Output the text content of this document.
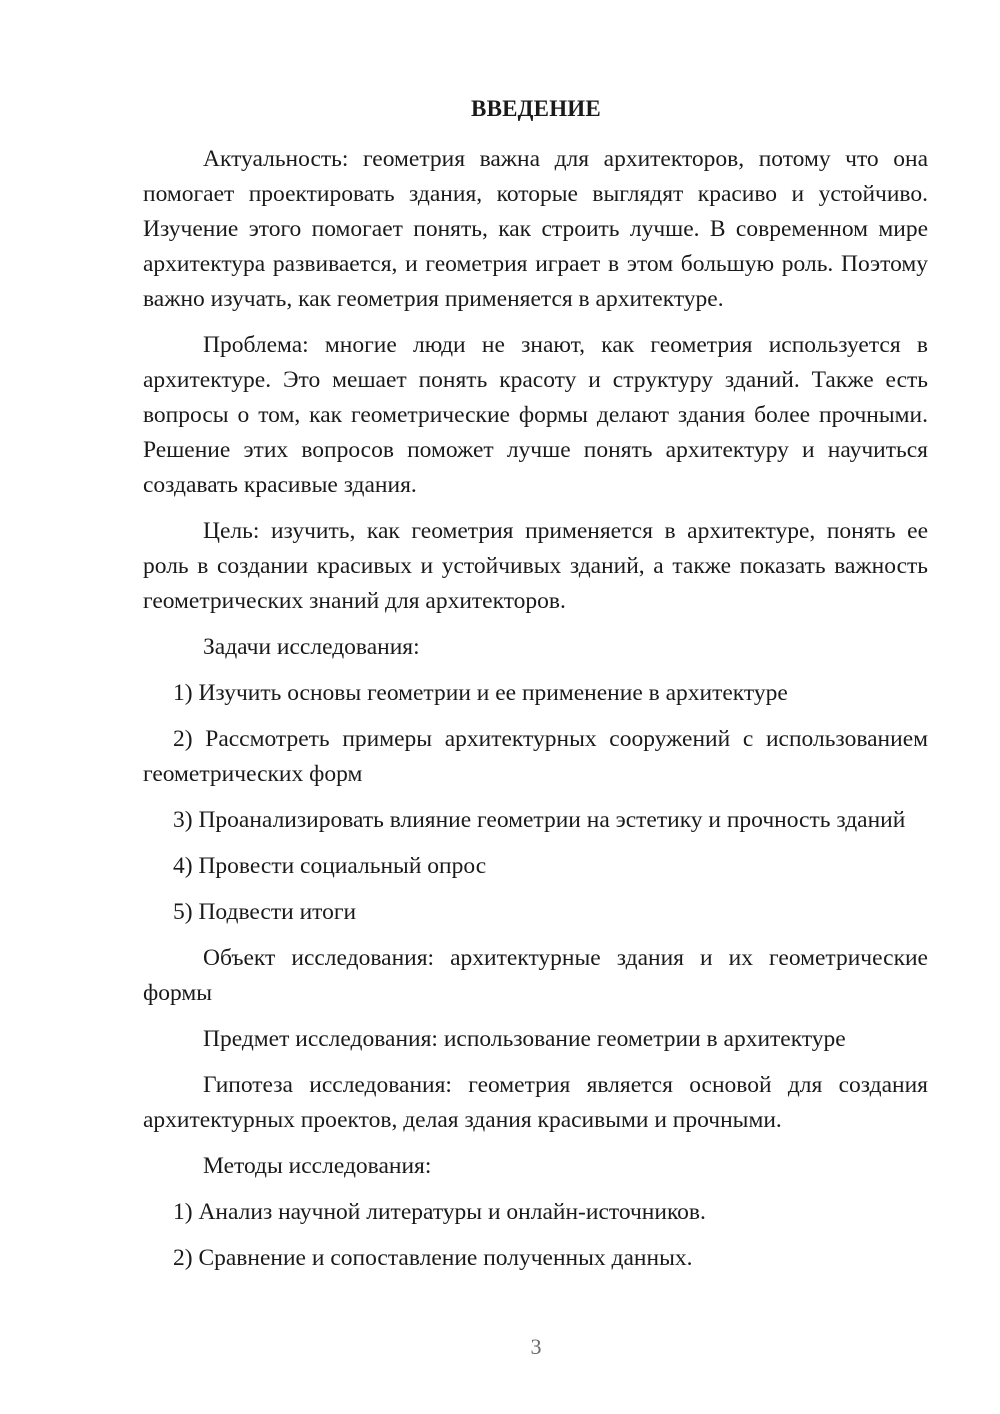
ВВЕДЕНИЕ

Актуальность: геометрия важна для архитекторов, потому что она помогает проектировать здания, которые выглядят красиво и устойчиво. Изучение этого помогает понять, как строить лучше. В современном мире архитектура развивается, и геометрия играет в этом большую роль. Поэтому важно изучать, как геометрия применяется в архитектуре.

Проблема: многие люди не знают, как геометрия используется в архитектуре. Это мешает понять красоту и структуру зданий. Также есть вопросы о том, как геометрические формы делают здания более прочными. Решение этих вопросов поможет лучше понять архитектуру и научиться создавать красивые здания.

Цель: изучить, как геометрия применяется в архитектуре, понять ее роль в создании красивых и устойчивых зданий, а также показать важность геометрических знаний для архитекторов.

Задачи исследования:

1) Изучить основы геометрии и ее применение в архитектуре

2) Рассмотреть примеры архитектурных сооружений с использованием геометрических форм

3) Проанализировать влияние геометрии на эстетику и прочность зданий

4) Провести социальный опрос

5) Подвести итоги

Объект исследования: архитектурные здания и их геометрические формы

Предмет исследования: использование геометрии в архитектуре

Гипотеза исследования: геометрия является основой для создания архитектурных проектов, делая здания красивыми и прочными.

Методы исследования:

1) Анализ научной литературы и онлайн-источников.

2) Сравнение и сопоставление полученных данных.

3
